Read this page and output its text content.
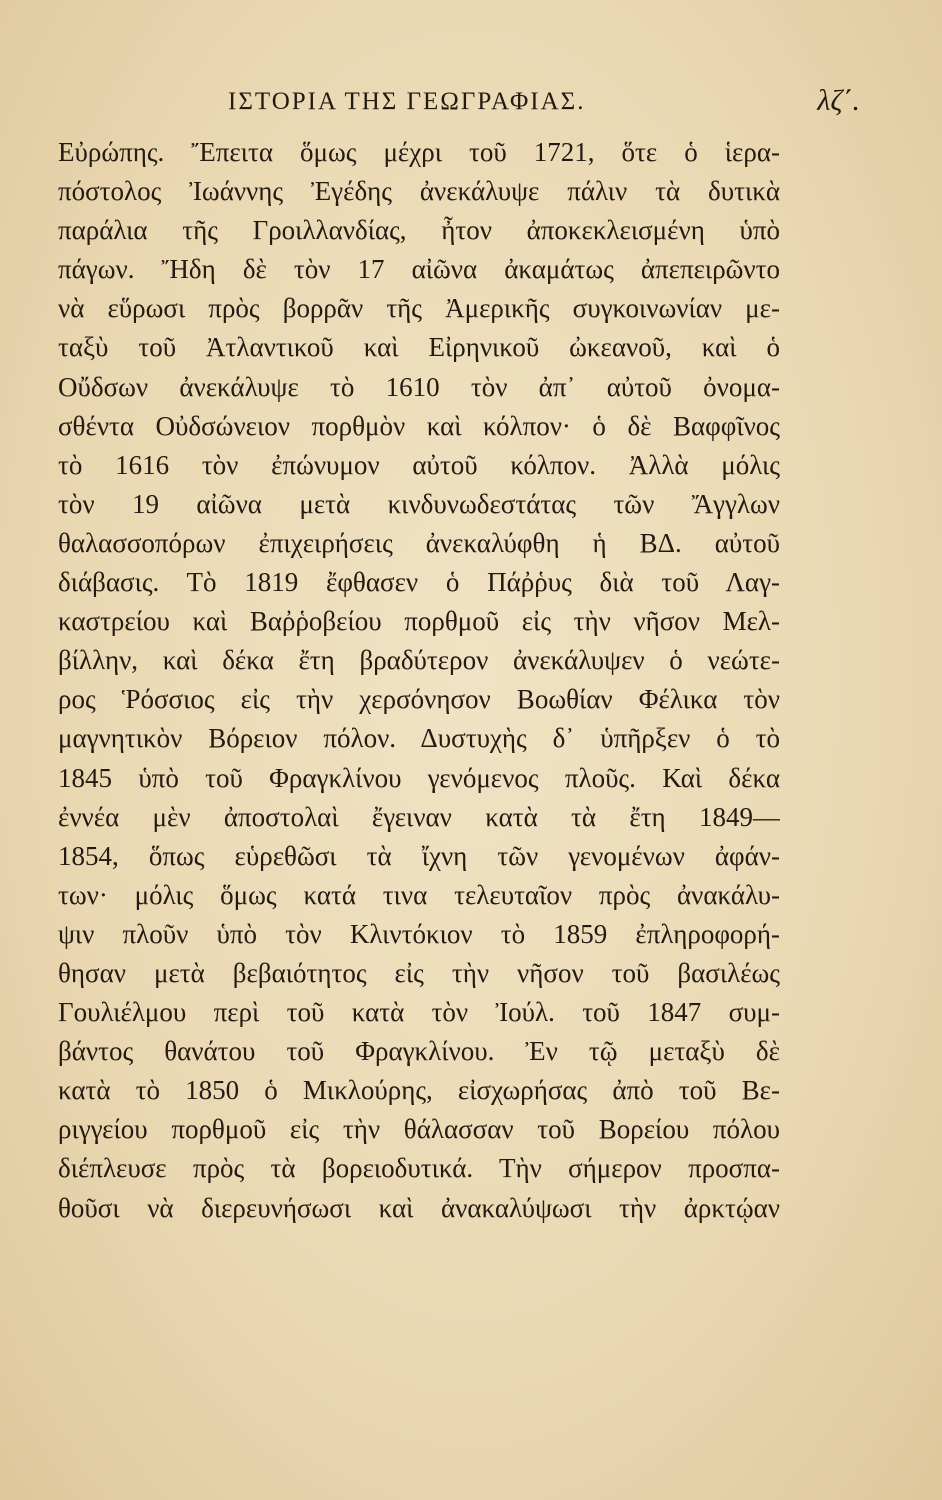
ΙΣΤΟΡΙΑ ΤΗΣ ΓΕΩΓΡΑΦΙΑΣ.	λζ΄.
Εὐρώπης. Ἔπειτα ὅμως μέχρι τοῦ 1721, ὅτε ὁ ἱερα-
πόστολος Ἰωάννης Ἐγέδης ἀνεκάλυψε πάλιν τὰ δυτικὰ
παράλια τῆς Γροιλλανδίας, ἦτον ἀποκεκλεισμένη ὑπὸ
πάγων. Ἤδη δὲ τὸν 17 αἰῶνα ἀκαμάτως ἀπεπειρῶντο
νὰ εὕρωσι πρὸς βορρᾶν τῆς Ἀμερικῆς συγκοινωνίαν με-
ταξὺ τοῦ Ἀτλαντικοῦ καὶ Εἰρηνικοῦ ὠκεανοῦ, καὶ ὁ
Οὔδσων ἀνεκάλυψε τὸ 1610 τὸν ἀπ᾽ αὐτοῦ ὀνομα-
σθέντα Οὐδσώνειον πορθμὸν καὶ κόλπον· ὁ δὲ Βαφφῖνος
τὸ 1616 τὸν ἐπώνυμον αὐτοῦ κόλπον. Ἀλλὰ μόλις
τὸν 19 αἰῶνα μετὰ κινδυνωδεστάτας τῶν Ἄγγλων
θαλασσοπόρων ἐπιχειρήσεις ἀνεκαλύφθη ἡ ΒΔ. αὐτοῦ
διάβασις. Τὸ 1819 ἔφθασεν ὁ Πάῤῥυς διὰ τοῦ Λαγ-
καστρείου καὶ Βαῤῥοβείου πορθμοῦ εἰς τὴν νῆσον Μελ-
βίλλην, καὶ δέκα ἔτη βραδύτερον ἀνεκάλυψεν ὁ νεώτε-
ρος Ῥόσσιος εἰς τὴν χερσόνησον Βοωθίαν Φέλικα τὸν
μαγνητικὸν Βόρειον πόλον. Δυστυχὴς δ᾽ ὑπῆρξεν ὁ τὸ
1845 ὑπὸ τοῦ Φραγκλίνου γενόμενος πλοῦς. Καὶ δέκα
ἐννέα μὲν ἀποστολαὶ ἔγειναν κατὰ τὰ ἔτη 1849—
1854, ὅπως εὑρεθῶσι τὰ ἴχνη τῶν γενομένων ἀφάν-
των· μόλις ὅμως κατά τινα τελευταῖον πρὸς ἀνακάλυ-
ψιν πλοῦν ὑπὸ τὸν Κλιντόκιον τὸ 1859 ἐπληροφορή-
θησαν μετὰ βεβαιότητος εἰς τὴν νῆσον τοῦ βασιλέως
Γουλιέλμου περὶ τοῦ κατὰ τὸν Ἰούλ. τοῦ 1847 συμ-
βάντος θανάτου τοῦ Φραγκλίνου. Ἐν τῷ μεταξὺ δὲ
κατὰ τὸ 1850 ὁ Μικλούρης, εἰσχωρήσας ἀπὸ τοῦ Βε-
ριγγείου πορθμοῦ εἰς τὴν θάλασσαν τοῦ Βορείου πόλου
διέπλευσε πρὸς τὰ βορειοδυτικά. Τὴν σήμερον προσπα-
θοῦσι νὰ διερευνήσωσι καὶ ἀνακαλύψωσι τὴν ἀρκτῴαν
